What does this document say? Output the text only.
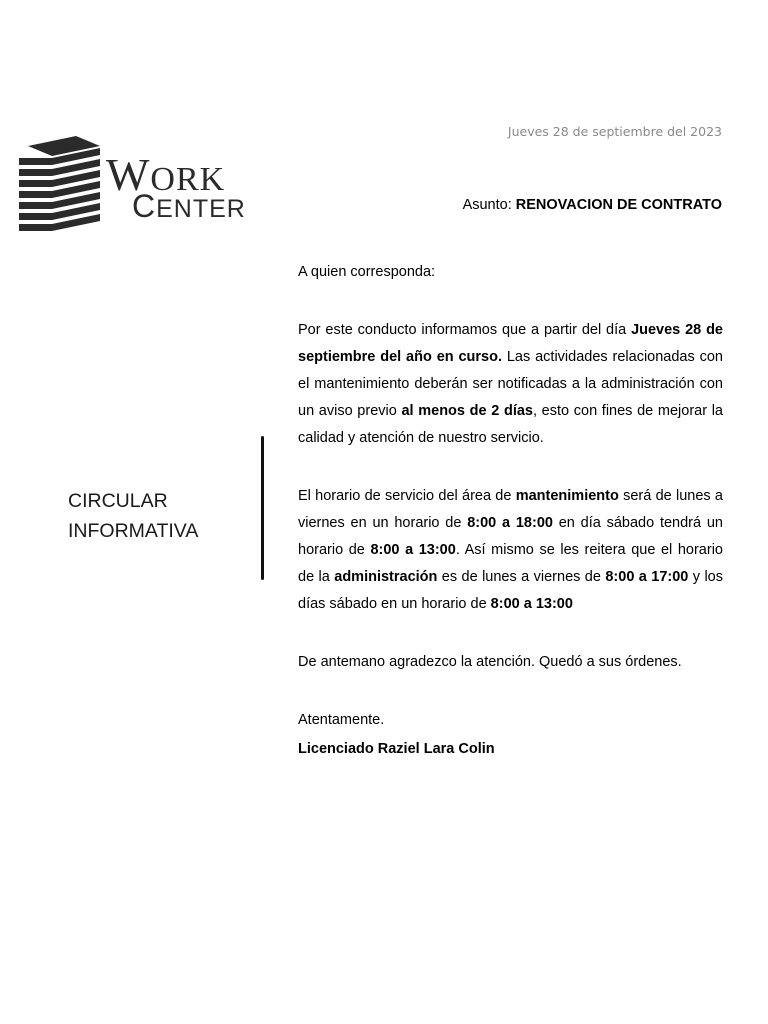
Jueves 28 de septiembre del 2023
WORK
CENTER	Asunto: RENOVACION DE CONTRATO
CIRCULAR
INFORMATIVA

A quien corresponda:

Por este conducto informamos que a partir del día Jueves 28 de septiembre del año en curso. Las actividades relacionadas con el mantenimiento deberán ser notificadas a la administración con un aviso previo al menos de 2 días, esto con fines de mejorar la calidad y atención de nuestro servicio.

El horario de servicio del área de mantenimiento será de lunes a viernes en un horario de 8:00 a 18:00 en día sábado tendrá un horario de 8:00 a 13:00. Así mismo se les reitera que el horario de la administración es de lunes a viernes de 8:00 a 17:00 y los días sábado en un horario de 8:00 a 13:00

De antemano agradezco la atención. Quedó a sus órdenes.

Atentamente.

Licenciado Raziel Lara Colin
